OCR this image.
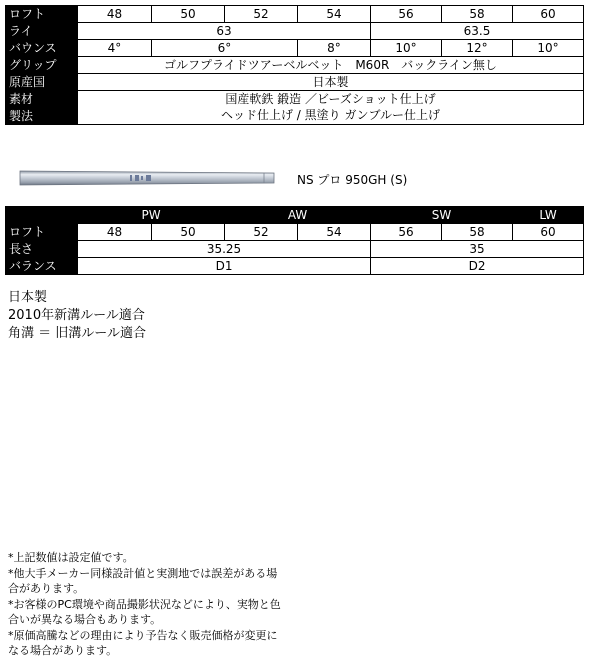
ロフト	48	50	52	54	56	58	60
ライ	63				63.5		
バウンス	4°	6°		8°	10°	12°	10°
グリップ	ゴルフプライドツアーベルベット　M60R　バックライン無し						
原産国	日本製						
素材	国産軟鉄 鍛造 ／ビーズショット仕上げ						
製法	ヘッド仕上げ / 黒塗り ガンブルー仕上げ						
NS プロ 950GH (S)
	PW		AW		SW		LW
ロフト	48	50	52	54	56	58	60
長さ	35.25				35		
バランス	D1				D2		
日本製
2010年新溝ルール適合
角溝 ＝ 旧溝ルール適合
*上記数値は設定値です。
*他大手メーカー同様設計値と実測地では誤差がある場
合があります。
*お客様のPC環境や商品撮影状況などにより、実物と色
合いが異なる場合もあります。
*原価高騰などの理由により予告なく販売価格が変更に
なる場合があります。
